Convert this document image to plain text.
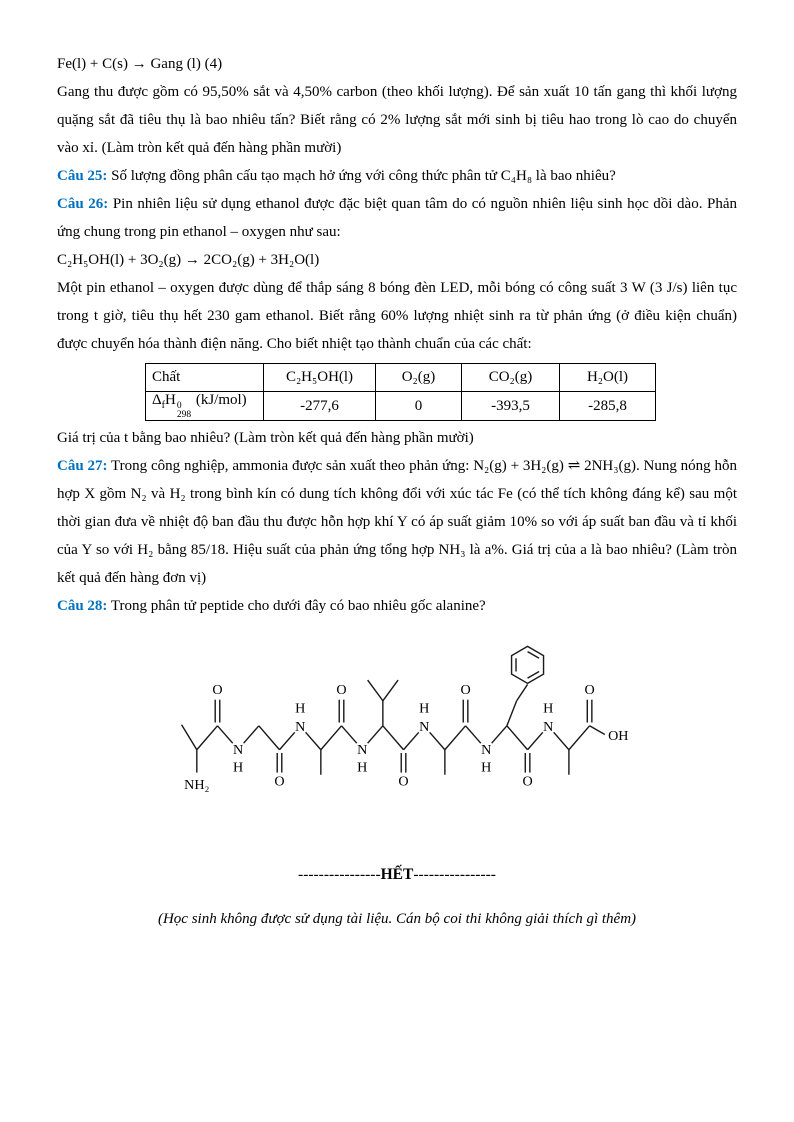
Fe(l) + C(s) → Gang (l) (4)

Gang thu được gồm có 95,50% sắt và 4,50% carbon (theo khối lượng). Để sản xuất 10 tấn gang thì khối lượng quặng sắt đã tiêu thụ là bao nhiêu tấn? Biết rằng có 2% lượng sắt mới sinh bị tiêu hao trong lò cao do chuyển vào xỉ. (Làm tròn kết quả đến hàng phần mười)

Câu 25: Số lượng đồng phân cấu tạo mạch hở ứng với công thức phân tử C₄H₈ là bao nhiêu?

Câu 26: Pin nhiên liệu sử dụng ethanol được đặc biệt quan tâm do có nguồn nhiên liệu sinh học dồi dào. Phản ứng chung trong pin ethanol – oxygen như sau:

C₂H₅OH(l) + 3O₂(g) → 2CO₂(g) + 3H₂O(l)

Một pin ethanol – oxygen được dùng để thắp sáng 8 bóng đèn LED, mỗi bóng có công suất 3 W (3 J/s) liên tục trong t giờ, tiêu thụ hết 230 gam ethanol. Biết rằng 60% lượng nhiệt sinh ra từ phản ứng (ở điều kiện chuẩn) được chuyển hóa thành điện năng. Cho biết nhiệt tạo thành chuẩn của các chất:

Chất	C₂H₅OH(l)	O₂(g)	CO₂(g)	H₂O(l)
$\Delta_fH$ 0
298
(kJ/mol)	-277,6	0	-393,5	-285,8

Giá trị của t bằng bao nhiêu? (Làm tròn kết quả đến hàng phần mười)

Câu 27: Trong công nghiệp, ammonia được sản xuất theo phản ứng: N₂(g) + 3H₂(g) ⇌ 2NH₃(g). Nung nóng hỗn hợp X gồm N₂ và H₂ trong bình kín có dung tích không đổi với xúc tác Fe (có thể tích không đáng kể) sau một thời gian đưa về nhiệt độ ban đầu thu được hỗn hợp khí Y có áp suất giảm 10% so với áp suất ban đầu và tỉ khối của Y so với H₂ bằng 85/18. Hiệu suất của phản ứng tổng hợp NH₃ là a%. Giá trị của a là bao nhiêu? (Làm tròn kết quả đến hàng đơn vị)

Câu 28: Trong phân tử peptide cho dưới đây có bao nhiêu gốc alanine?

NH₂
O	O	O	O
O	O	O
N
H
N
H
N
H
N
H
N
H
N
H
OH

----------------HẾT----------------

(Học sinh không được sử dụng tài liệu. Cán bộ coi thi không giải thích gì thêm)
